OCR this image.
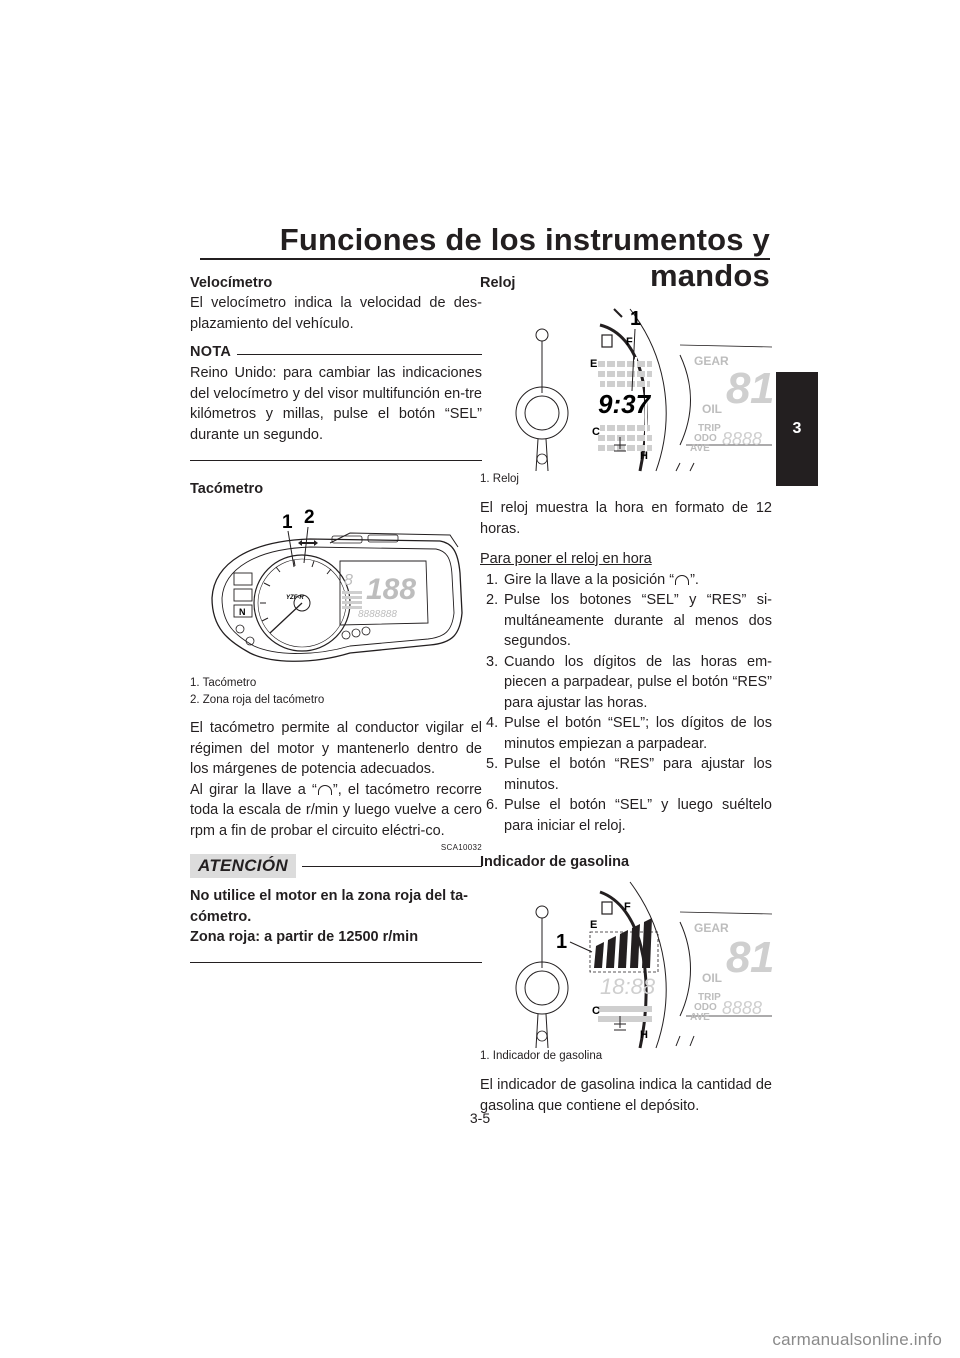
Funciones de los instrumentos y mandos
3

Velocímetro

El velocímetro indica la velocidad de des-plazamiento del vehículo.

NOTA

Reino Unido: para cambiar las indicaciones del velocímetro y del visor multifunción en-tre kilómetros y millas, pulse el botón “SEL” durante un segundo.

Tacómetro

1 2
N
YZF-R 188
8
8888888

1. Tacómetro

2. Zona roja del tacómetro

El tacómetro permite al conductor vigilar el régimen del motor y mantenerlo dentro de los márgenes de potencia adecuados.

Al girar la llave a “ ”, el tacómetro recorre toda la escala de r/min y luego vuelve a cero rpm a fin de probar el circuito eléctri-co.

SCA10032

ATENCIÓN

No utilice el motor en la zona roja del ta-cómetro.

Zona roja: a partir de 12500 r/min

Reloj

9:37
E
F
C
H
1
GEAR
8 1
OIL
TRIP
ODO
AVE 8888

1. Reloj

El reloj muestra la hora en formato de 12 horas.

Para poner el reloj en hora

1. Gire la llave a la posición “ ”.
2. Pulse los botones “SEL” y “RES” si-multáneamente durante al menos dos segundos.
3. Cuando los dígitos de las horas em-piecen a parpadear, pulse el botón “RES” para ajustar las horas.
4. Pulse el botón “SEL”; los dígitos de los minutos empiezan a parpadear.
5. Pulse el botón “RES” para ajustar los minutos.
6. Pulse el botón “SEL” y luego suéltelo para iniciar el reloj.

Indicador de gasolina

18:88
E
F
C
H
1
GEAR
8 1
OIL
TRIP
ODO
AVE 8888

1. Indicador de gasolina

El indicador de gasolina indica la cantidad de gasolina que contiene el depósito.

3-5
carmanualsonline.info
